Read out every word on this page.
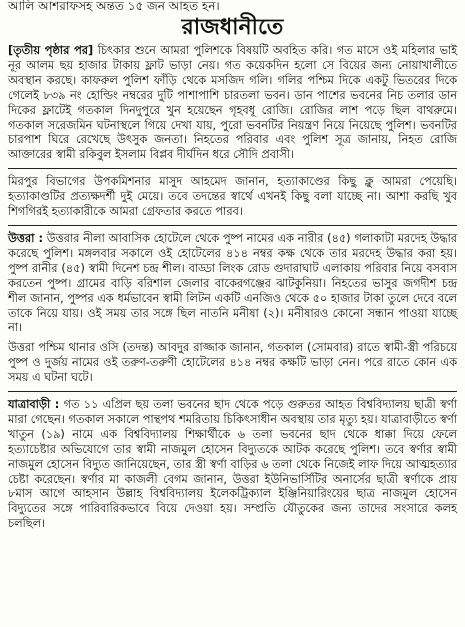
আলি আশরাফসহ অন্তত ১৫ জন আহত হন।
রাজধানীতে

[তৃতীয় পৃষ্ঠার পর] চিৎকার শুনে আমরা পুলিশকে বিষয়টি অবহিত করি। গত মাসে ওই মহিলার ভাই নূর আলম ছয় হাজার টাকায় ফ্লাট ভাড়া নেয়। গত কয়েকদিন হলো সে বিয়ের জন্য নোয়াখালীতে অবস্থান করছে। কাফরুল পুলিশ ফাঁড়ি থেকে মসজিদ গলি। গলির পশ্চিম দিকে একটু ভিতরের দিকে গেলেই ৮৩৯ নং হোল্ডিং নম্বরের দুটি পাশাপাশি চারতলা ভবন। ডান পাশের ভবনের নিচ তলার ডান দিকের ফ্লাটেই গতকাল দিনদুপুরে খুন হয়েছেন গৃহবধূ রোজি। রোজির লাশ পড়ে ছিল বাথরুমে। গতকাল সরেজমিন ঘটনাস্থলে গিয়ে দেখা যায়, পুরো ভবনটির নিয়ন্ত্রণ নিয়ে নিয়েছে পুলিশ। ভবনটির চারপাশ ঘিরে রেখেছে উৎসুক জনতা। নিহতের পরিবার এবং পুলিশ সূত্র জানায়, নিহত রোজি আক্তারের স্বামী রকিবুল ইসলাম বিপ্লব দীর্ঘদিন ধরে সৌদি প্রবাসী।

মিরপুর বিভাগের উপকমিশনার মাসুদ আহমেদ জানান, হত্যাকাণ্ডের কিছু ক্লু আমরা পেয়েছি। হত্যাকাণ্ডটির প্রত্যক্ষদর্শী দুই মেয়ে। তবে তদন্তের স্বার্থে এখনই কিছু বলা যাচ্ছে না। আশা করছি খুব শিগগিরই হত্যাকারীকে আমরা গ্রেফতার করতে পারব।

উত্তরা : উত্তরার নীলা আবাসিক হোটেলে থেকে পুষ্প নামের এক নারীর (৪৫) গলাকাটা মরদেহ উদ্ধার করেছে পুলিশ। মঙ্গলবার সকালে ওই হোটেলের ৪১৪ নম্বর কক্ষ থেকে তার মরদেহ উদ্ধার করা হয়। পুষ্প রানীর (৪৫) স্বামী দিনেশ চন্দ্র শীল। বাড্ডা লিংক রোড গুদারাঘাট এলাকায় পরিবার নিয়ে বসবাস করতেন পুষ্প। গ্রামের বাড়ি বরিশাল জেলার বাকেরগঞ্জের ঝাটকুনিয়া। নিহতের ভাসুর জগদীশ চন্দ্র শীল জানান, পুষ্পর এক ধর্মভাবেন স্বামী লিটন একটি এনজিও থেকে ৫০ হাজার টাকা তুলে দেবে বলে তাকে নিয়ে যায়। ওই সময় তার সঙ্গে ছিল নাতনি মনীষা (২)। মনীষারও কোনো সন্ধান পাওয়া যাচ্ছে না।

উত্তরা পশ্চিম থানার ওসি (তদন্ত) আবদুর রাজ্জাক জানান, গতকাল (সোমবার) রাতে স্বামী-স্ত্রী পরিচয়ে পুষ্প ও দুর্জয় নামের ওই তরুণ-তরুণী হোটেলের ৪১৪ নম্বর কক্ষটি ভাড়া নেন। পরে রাতে কোন এক সময় এ ঘটনা ঘটে।

যাত্রাবাড়ী : গত ১১ এপ্রিল ছয় তলা ভবনের ছাদ থেকে পড়ে গুরুতর আহত বিশ্ববিদ্যালয় ছাত্রী স্বর্ণা মারা গেছেন। গতকাল সকালে পান্থপথ শমরিতায় চিকিৎসাধীন অবস্থায় তার মৃত্যু হয়। যাত্রাবাড়ীতে স্বর্ণা খাতুন (১৯) নামে এক বিশ্ববিদ্যালয় শিক্ষার্থীকে ৬ তলা ভবনের ছাদ থেকে ধাক্কা দিয়ে ফেলে হত্যাচেষ্টার অভিযোগে তার স্বামী নাজমুল হোসেন বিদ্যুতকে আটক করেছে পুলিশ। তবে স্বর্ণার স্বামী নাজমুল হোসেন বিদ্যুত জানিয়েছেন, তার স্ত্রী স্বর্ণা বাড়ির ৬ তলা থেকে নিজেই লাফ দিয়ে আত্মহত্যার চেষ্টা করেছেন। স্বর্ণার মা কাজলী বেগম জানান, উত্তরা ইউনিভার্সিটির অনার্সের ছাত্রী স্বর্ণাকে প্রায় ৮মাস আগে আহসান উল্লাহ বিশ্ববিদ্যালয় ইলেকট্রিক্যাল ইঞ্জিনিয়ারিংয়ের ছাত্র নাজমুল হোসেন বিদ্যুতের সঙ্গে পারিবারিকভাবে বিয়ে দেওয়া হয়। সম্প্রতি যৌতুকের জন্য তাদের সংসারে কলহ চলছিল।
